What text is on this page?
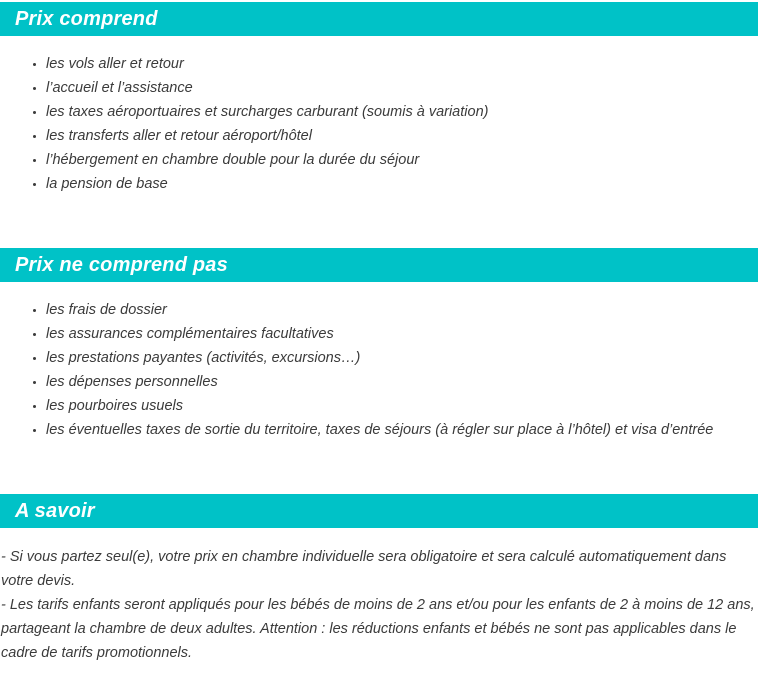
Prix comprend
• les vols aller et retour
• l’accueil et l’assistance
• les taxes aéroportuaires et surcharges carburant (soumis à variation)
• les transferts aller et retour aéroport/hôtel
• l’hébergement en chambre double pour la durée du séjour
• la pension de base
Prix ne comprend pas
• les frais de dossier
• les assurances complémentaires facultatives
• les prestations payantes (activités, excursions…)
• les dépenses personnelles
• les pourboires usuels
• les éventuelles taxes de sortie du territoire, taxes de séjours (à régler sur place à l’hôtel) et visa d’entrée
A savoir

- Si vous partez seul(e), votre prix en chambre individuelle sera obligatoire et sera calculé automatiquement dans votre devis.

- Les tarifs enfants seront appliqués pour les bébés de moins de 2 ans et/ou pour les enfants de 2 à moins de 12 ans, partageant la chambre de deux adultes. Attention : les réductions enfants et bébés ne sont pas applicables dans le cadre de tarifs promotionnels.
